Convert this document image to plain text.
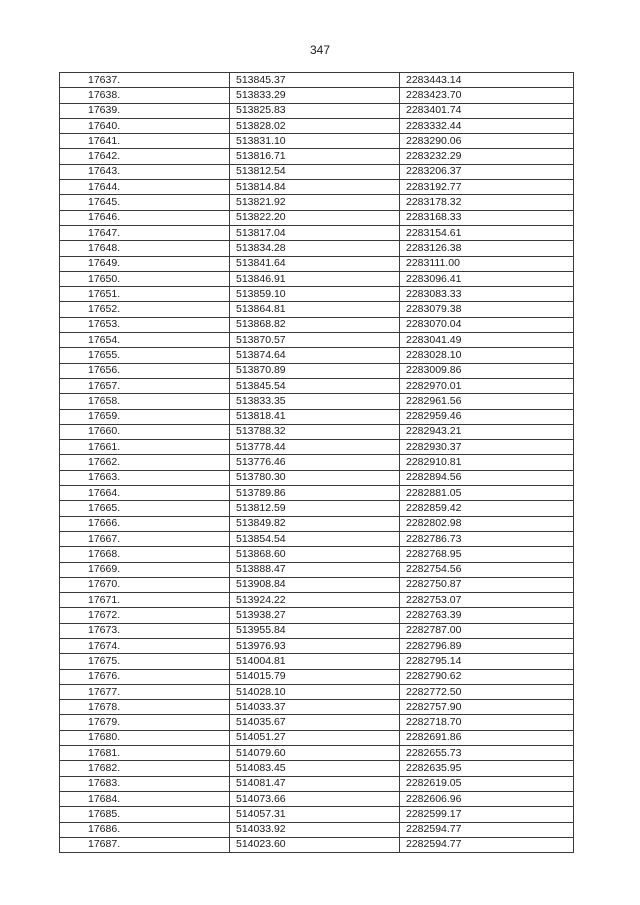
347
17637.	513845.37	2283443.14
17638.	513833.29	2283423.70
17639.	513825.83	2283401.74
17640.	513828.02	2283332.44
17641.	513831.10	2283290.06
17642.	513816.71	2283232.29
17643.	513812.54	2283206.37
17644.	513814.84	2283192.77
17645.	513821.92	2283178.32
17646.	513822.20	2283168.33
17647.	513817.04	2283154.61
17648.	513834.28	2283126.38
17649.	513841.64	2283111.00
17650.	513846.91	2283096.41
17651.	513859.10	2283083.33
17652.	513864.81	2283079.38
17653.	513868.82	2283070.04
17654.	513870.57	2283041.49
17655.	513874.64	2283028.10
17656.	513870.89	2283009.86
17657.	513845.54	2282970.01
17658.	513833.35	2282961.56
17659.	513818.41	2282959.46
17660.	513788.32	2282943.21
17661.	513778.44	2282930.37
17662.	513776.46	2282910.81
17663.	513780.30	2282894.56
17664.	513789.86	2282881.05
17665.	513812.59	2282859.42
17666.	513849.82	2282802.98
17667.	513854.54	2282786.73
17668.	513868.60	2282768.95
17669.	513888.47	2282754.56
17670.	513908.84	2282750.87
17671.	513924.22	2282753.07
17672.	513938.27	2282763.39
17673.	513955.84	2282787.00
17674.	513976.93	2282796.89
17675.	514004.81	2282795.14
17676.	514015.79	2282790.62
17677.	514028.10	2282772.50
17678.	514033.37	2282757.90
17679.	514035.67	2282718.70
17680.	514051.27	2282691.86
17681.	514079.60	2282655.73
17682.	514083.45	2282635.95
17683.	514081.47	2282619.05
17684.	514073.66	2282606.96
17685.	514057.31	2282599.17
17686.	514033.92	2282594.77
17687.	514023.60	2282594.77
